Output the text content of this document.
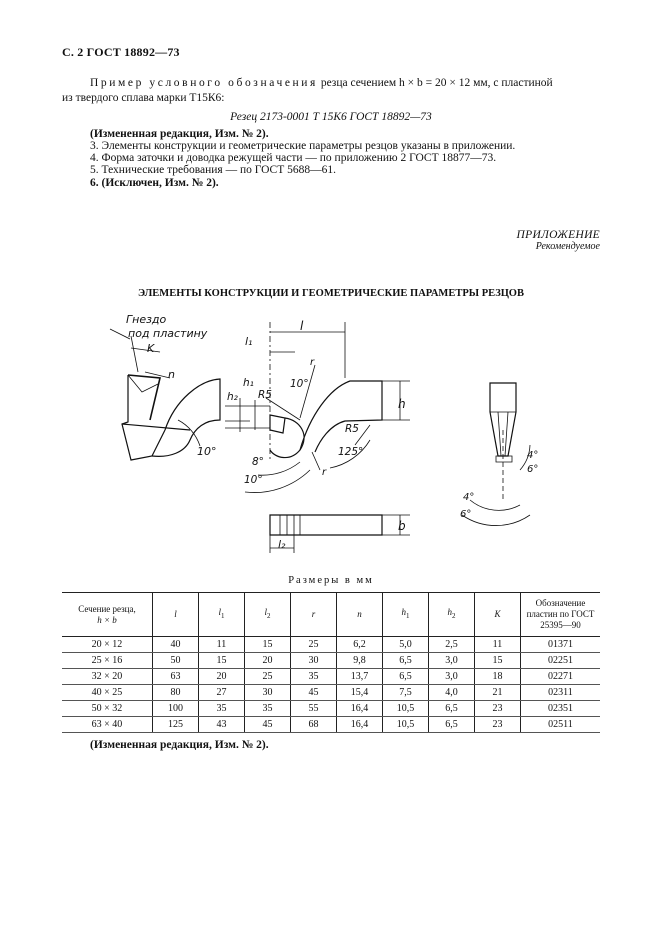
С. 2 ГОСТ 18892—73
Пример условного обозначения резца сечением h × b = 20 × 12 мм, с пластиной
из твердого сплава марки Т15К6:
Резец 2173-0001 Т 15К6 ГОСТ 18892—73
(Измененная редакция, Изм. № 2).
3. Элементы конструкции и геометрические параметры резцов указаны в приложении.
4. Форма заточки и доводка режущей части — по приложению 2 ГОСТ 18877—73.
5. Технические требования — по ГОСТ 5688—61.
6. (Исключен, Изм. № 2).
ПРИЛОЖЕНИЕ
Рекомендуемое
ЭЛЕМЕНТЫ КОНСТРУКЦИИ И ГЕОМЕТРИЧЕСКИЕ ПАРАМЕТРЫ РЕЗЦОВ
Гнездо
под пластину
K
n
10°
l
l₁
r
10°
R5
R5
125°
8°
10°
r
h₂
h₁
h
b
l₂
4°
6°
4°
6°
Размеры в мм
Сечение резца,
h × b	l	$l_1$	$l_2$	r	n	$h_1$	$h_2$	K	Обозначение
пластин по ГОСТ
25395—90
20 × 12	40	11	15	25	6,2	5,0	2,5	11	01371
25 × 16	50	15	20	30	9,8	6,5	3,0	15	02251
32 × 20	63	20	25	35	13,7	6,5	3,0	18	02271
40 × 25	80	27	30	45	15,4	7,5	4,0	21	02311
50 × 32	100	35	35	55	16,4	10,5	6,5	23	02351
63 × 40	125	43	45	68	16,4	10,5	6,5	23	02511
(Измененная редакция, Изм. № 2).
